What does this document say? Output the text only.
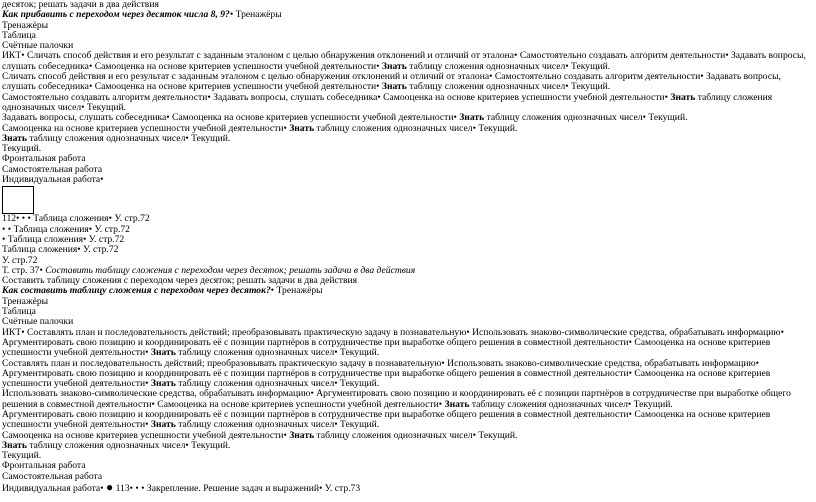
десяток; решать задачи в два действия
Как прибавить с переходом через десяток числа 8, 9?• Тренажёры
Тренажёры
Таблица
Счётные палочки
ИКТ• Сличать способ действия и его результат с заданным эталоном с целью обнаружения отклонений и отличий от эталона• Самостоятельно создавать алгоритм деятельности• Задавать вопросы, слушать собеседника• Самооценка на основе критериев успешности учебной деятельности• Знать таблицу сложения однозначных чисел• Текущий.
Сличать способ действия и его результат с заданным эталоном с целью обнаружения отклонений и отличий от эталона• Самостоятельно создавать алгоритм деятельности• Задавать вопросы, слушать собеседника• Самооценка на основе критериев успешности учебной деятельности• Знать таблицу сложения однозначных чисел• Текущий.
Самостоятельно создавать алгоритм деятельности• Задавать вопросы, слушать собеседника• Самооценка на основе критериев успешности учебной деятельности• Знать таблицу сложения однозначных чисел• Текущий.
Задавать вопросы, слушать собеседника• Самооценка на основе критериев успешности учебной деятельности• Знать таблицу сложения однозначных чисел• Текущий.
Самооценка на основе критериев успешности учебной деятельности• Знать таблицу сложения однозначных чисел• Текущий.
Знать таблицу сложения однозначных чисел• Текущий.
Текущий.
Фронтальная работа
Самостоятельная работа
Индивидуальная работа•
112• • • Таблица сложения• У. стр.72
• • Таблица сложения• У. стр.72
• Таблица сложения• У. стр.72
Таблица сложения• У. стр.72
У. стр.72
Т. стр. 37• Составить таблицу сложения с переходом через десяток; решать задачи в два действия
Составить таблицу сложения с переходом через десяток; решать задачи в два действия
Как составить таблицу сложения с переходом через десяток?• Тренажёры
Тренажёры
Таблица
Счётные палочки
ИКТ• Составлять план и последовательность действий; преобразовывать практическую задачу в познавательную• Использовать знаково-символические средства, обрабатывать информацию• Аргументировать свою позицию и координировать её с позиции партнёров в сотрудничестве при выработке общего решения в совместной деятельности• Самооценка на основе критериев успешности учебной деятельности• Знать таблицу сложения однозначных чисел• Текущий.
Составлять план и последовательность действий; преобразовывать практическую задачу в познавательную• Использовать знаково-символические средства, обрабатывать информацию• Аргументировать свою позицию и координировать её с позиции партнёров в сотрудничестве при выработке общего решения в совместной деятельности• Самооценка на основе критериев успешности учебной деятельности• Знать таблицу сложения однозначных чисел• Текущий.
Использовать знаково-символические средства, обрабатывать информацию• Аргументировать свою позицию и координировать её с позиции партнёров в сотрудничестве при выработке общего решения в совместной деятельности• Самооценка на основе критериев успешности учебной деятельности• Знать таблицу сложения однозначных чисел• Текущий.
Аргументировать свою позицию и координировать её с позиции партнёров в сотрудничестве при выработке общего решения в совместной деятельности• Самооценка на основе критериев успешности учебной деятельности• Знать таблицу сложения однозначных чисел• Текущий.
Самооценка на основе критериев успешности учебной деятельности• Знать таблицу сложения однозначных чисел• Текущий.
Знать таблицу сложения однозначных чисел• Текущий.
Текущий.
Фронтальная работа
Самостоятельная работа
Индивидуальная работа• ● 113• • • Закрепление. Решение задач и выражений• У. стр.73
